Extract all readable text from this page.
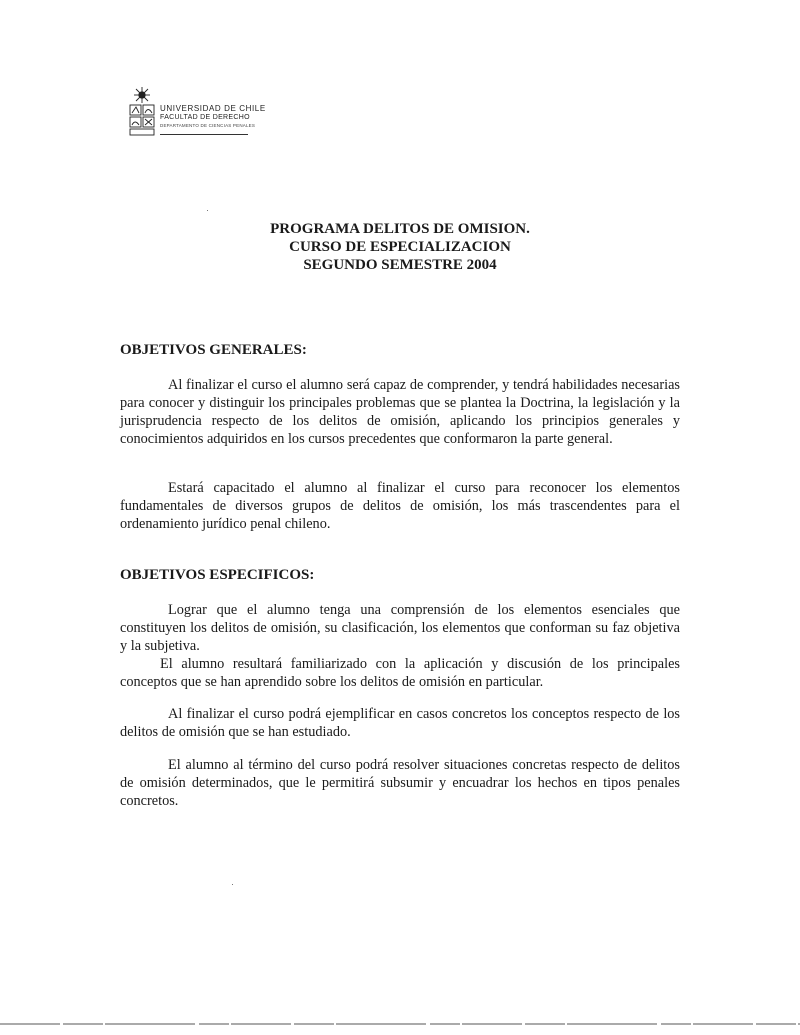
UNIVERSIDAD DE CHILE
FACULTAD DE DERECHO
DEPARTAMENTO DE CIENCIAS PENALES
PROGRAMA DELITOS DE OMISION.
CURSO DE ESPECIALIZACION
SEGUNDO SEMESTRE 2004
OBJETIVOS GENERALES:

Al finalizar el curso el alumno será capaz de comprender, y tendrá habilidades necesarias para conocer y distinguir los principales problemas que se plantea la Doctrina, la legislación y la jurisprudencia respecto de los delitos de omisión, aplicando los principios generales y conocimientos adquiridos en los cursos precedentes que conformaron la parte general.

Estará capacitado el alumno al finalizar el curso para reconocer los elementos fundamentales de diversos grupos de delitos de omisión, los más trascendentes para el ordenamiento jurídico penal chileno.

OBJETIVOS ESPECIFICOS:

Lograr que el alumno tenga una comprensión de los elementos esenciales que constituyen los delitos de omisión, su clasificación, los elementos que conforman su faz objetiva y la subjetiva.

El alumno resultará familiarizado con la aplicación y discusión de los principales conceptos que se han aprendido sobre los delitos de omisión en particular.

Al finalizar el curso podrá ejemplificar en casos concretos los conceptos respecto de los delitos de omisión que se han estudiado.

El alumno al término del curso podrá resolver situaciones concretas respecto de delitos de omisión determinados, que le permitirá subsumir y encuadrar los hechos en tipos penales concretos.
